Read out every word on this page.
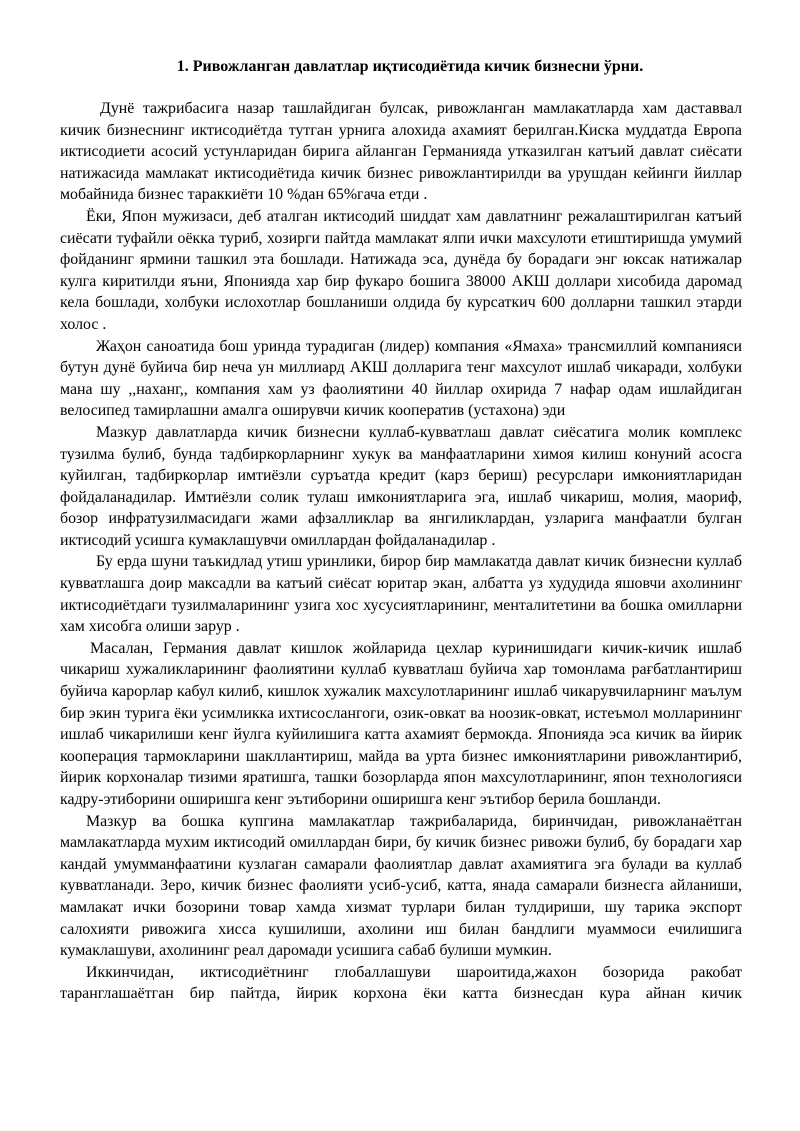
1. Ривожланган давлатлар иқтисодиётида кичик бизнесни ўрни.

Дунё тажрибасига назар ташлайдиган булсак, ривожланган мамлакатларда хам даставвал кичик бизнеснинг иктисодиётда тутган урнига алохида ахамият берилган.Киска муддатда Европа иктисодиети асосий устунларидан бирига айланган Германияда утказилган катъий давлат сиёсати натижасида мамлакат иктисодиётида кичик бизнес ривожлантирилди ва урушдан кейинги йиллар мобайнида бизнес тараккиёти 10 %дан 65%гача етди .

Ёки, Япон мужизаси, деб аталган иктисодий шиддат хам давлатнинг режалаштирилган катъий сиёсати туфайли оёкка туриб, хозирги пайтда мамлакат ялпи ички махсулоти етиштиришда умумий фойданинг ярмини ташкил эта бошлади. Натижада эса, дунёда бу борадаги энг юксак натижалар кулга киритилди яъни, Японияда хар бир фукаро бошига 38000 АКШ доллари хисобида даромад кела бошлади, холбуки ислохотлар бошланиши олдида бу курсаткич 600 долларни ташкил этарди холос .

Жаҳон саноатида бош уринда турадиган (лидер) компания «Ямаха» трансмиллий компанияси бутун дунё буйича бир неча ун миллиард АКШ долларига тенг махсулот ишлаб чикаради, холбуки мана шу ,,наханг,, компания хам уз фаолиятини 40 йиллар охирида 7 нафар одам ишлайдиган велосипед тамирлашни амалга оширувчи кичик кооператив (устахона) эди

Мазкур давлатларда кичик бизнесни куллаб-кувватлаш давлат сиёсатига молик комплекс тузилма булиб, бунда тадбиркорларнинг хукук ва манфаатларини химоя килиш конуний асосга куйилган, тадбиркорлар имтиёзли суръатда кредит (карз бериш) ресурслари имкониятларидан фойдаланадилар. Имтиёзли солик тулаш имкониятларига эга, ишлаб чикариш, молия, маориф, бозор инфратузилмасидаги жами афзалликлар ва янгиликлардан, узларига манфаатли булган иктисодий усишга кумаклашувчи омиллардан фойдаланадилар .

Бу ерда шуни таъкидлад утиш уринлики, бирор бир мамлакатда давлат кичик бизнесни куллаб кувватлашга доир максадли ва катъий сиёсат юритар экан, албатта уз худудида яшовчи ахолининг иктисодиётдаги тузилмаларининг узига хос хусусиятларининг, менталитетини ва бошка омилларни хам хисобга олиши зарур .

Масалан, Германия давлат кишлок жойларида цехлар куринишидаги кичик-кичик ишлаб чикариш хужаликларининг фаолиятини куллаб кувватлаш буйича хар томонлама рағбатлантириш буйича карорлар кабул килиб, кишлок хужалик махсулотларининг ишлаб чикарувчиларнинг маълум бир экин турига ёки усимликка ихтисослангоги, озик-овкат ва ноозик-овкат, истеъмол молларининг ишлаб чикарилиши кенг йулга куйилишига катта ахамият бермокда. Японияда эса кичик ва йирик кооперация тармокларини шакллантириш, майда ва урта бизнес имкониятларини ривожлантириб, йирик корхоналар тизими яратишга, ташки бозорларда япон махсулотларининг, япон технологияси кадру-этиборини оширишга кенг эътиборини оширишга кенг эътибор берила бошланди.

Мазкур ва бошка купгина мамлакатлар тажрибаларида, биринчидан, ривожланаётган мамлакатларда мухим иктисодий омиллардан бири, бу кичик бизнес ривожи булиб, бу борадаги хар кандай умумманфаатини кузлаган самарали фаолиятлар давлат ахамиятига эга булади ва куллаб кувватланади. Зеро, кичик бизнес фаолияти усиб-усиб, катта, янада самарали бизнесга айланиши, мамлакат ички бозорини товар хамда хизмат турлари билан тулдириши, шу тарика экспорт салохияти ривожига хисса кушилиши, ахолини иш билан бандлиги муаммоси ечилишига кумаклашуви, ахолининг реал даромади усишига сабаб булиши мумкин.

Иккинчидан, иктисодиётнинг глобаллашуви шароитида,жахон бозорида ракобат таранглашаётган бир пайтда, йирик корхона ёки катта бизнесдан кура айнан кичик
